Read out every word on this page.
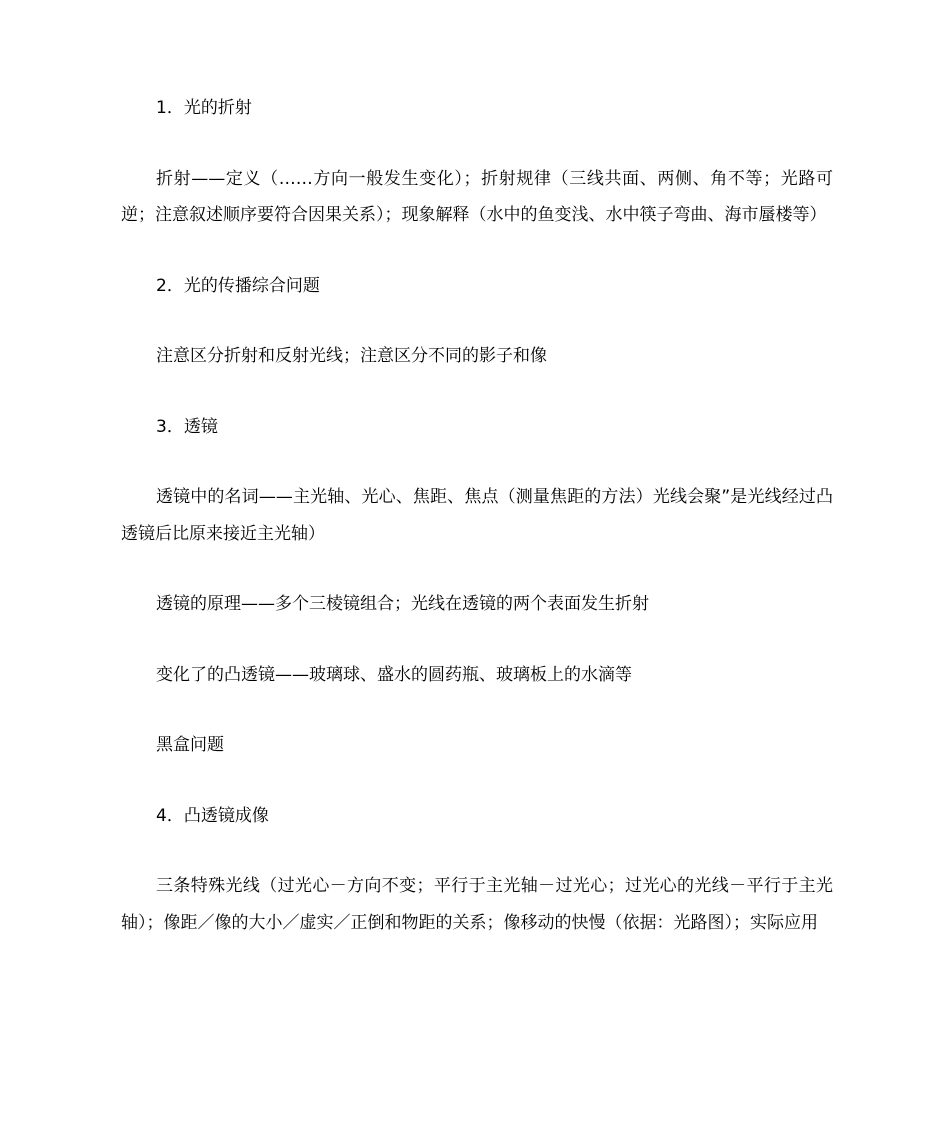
1．光的折射
折射——定义（……方向一般发生变化）；折射规律（三线共面、两侧、角不等；光路可逆；注意叙述顺序要符合因果关系）；现象解释（水中的鱼变浅、水中筷子弯曲、海市蜃楼等）
2．光的传播综合问题
注意区分折射和反射光线；注意区分不同的影子和像
3．透镜
透镜中的名词——主光轴、光心、焦距、焦点（测量焦距的方法）光线会聚”是光线经过凸透镜后比原来接近主光轴）
透镜的原理——多个三棱镜组合；光线在透镜的两个表面发生折射
变化了的凸透镜——玻璃球、盛水的圆药瓶、玻璃板上的水滴等
黑盒问题
4．凸透镜成像
三条特殊光线（过光心－方向不变；平行于主光轴－过光心；过光心的光线－平行于主光轴）；像距／像的大小／虚实／正倒和物距的关系；像移动的快慢（依据：光路图）；实际应用
